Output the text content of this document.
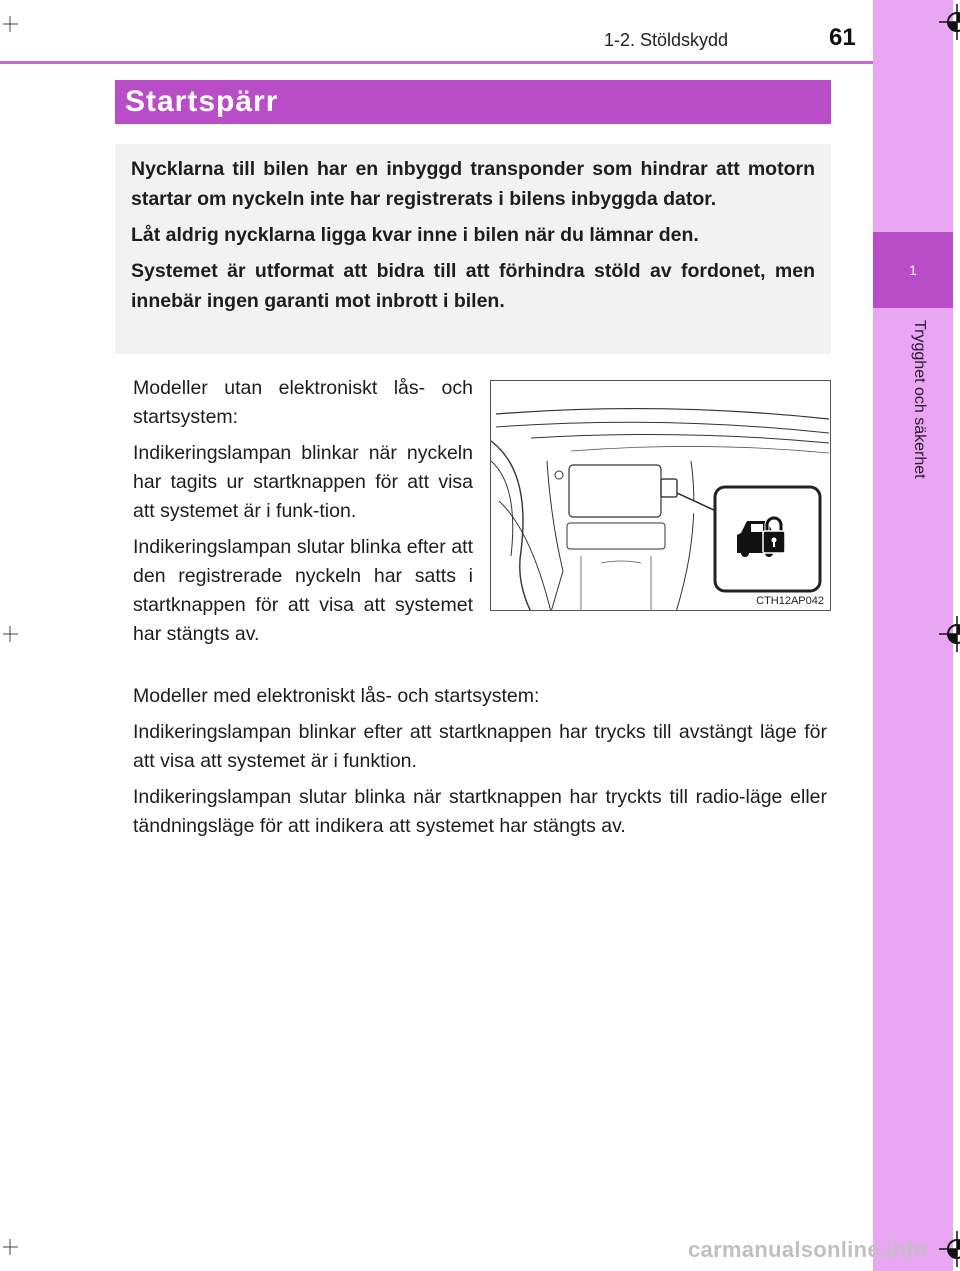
1
Trygghet och säkerhet
1-2. Stöldskydd	61
Startspärr

Nycklarna till bilen har en inbyggd transponder som hindrar att motorn startar om nyckeln inte har registrerats i bilens inbyggda dator.

Låt aldrig nycklarna ligga kvar inne i bilen när du lämnar den.

Systemet är utformat att bidra till att förhindra stöld av fordonet, men innebär ingen garanti mot inbrott i bilen.

Modeller utan elektroniskt lås- och startsystem:

Indikeringslampan blinkar när nyckeln har tagits ur startknappen för att visa att systemet är i funk-tion.

Indikeringslampan slutar blinka efter att den registrerade nyckeln har satts i startknappen för att visa att systemet har stängts av.

CTH12AP042

Modeller med elektroniskt lås- och startsystem:

Indikeringslampan blinkar efter att startknappen har trycks till avstängt läge för att visa att systemet är i funktion.

Indikeringslampan slutar blinka när startknappen har tryckts till radio-läge eller tändningsläge för att indikera att systemet har stängts av.

carmanualsonline.info
